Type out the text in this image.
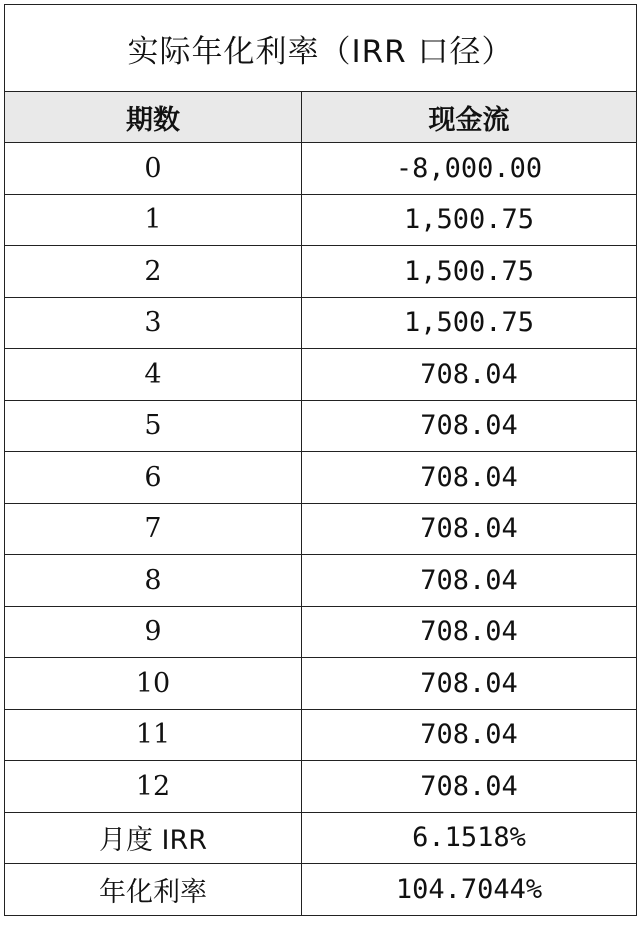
实际年化利率（IRR 口径）	
期数	现金流
0	-8,000.00
1	1,500.75
2	1,500.75
3	1,500.75
4	708.04
5	708.04
6	708.04
7	708.04
8	708.04
9	708.04
10	708.04
11	708.04
12	708.04
月度 IRR	6.1518%
年化利率	104.7044%
